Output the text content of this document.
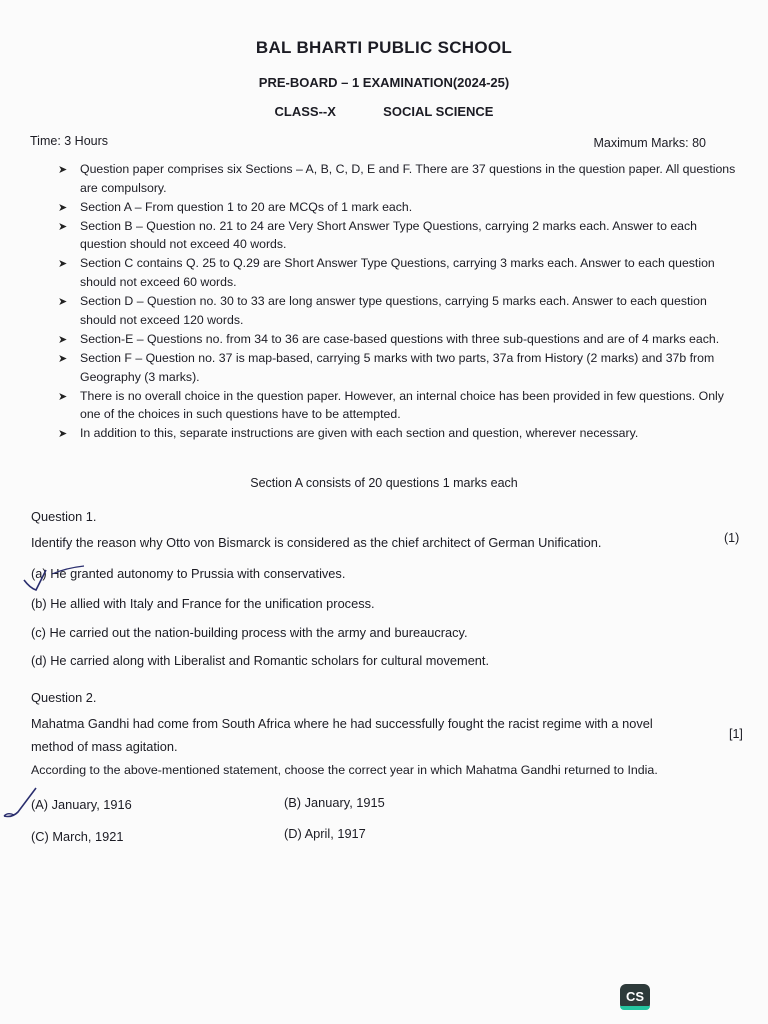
BAL BHARTI PUBLIC SCHOOL
PRE-BOARD – 1 EXAMINATION(2024-25)
CLASS--X	SOCIAL SCIENCE
Time: 3 Hours	Maximum Marks: 80
➤ Question paper comprises six Sections – A, B, C, D, E and F. There are 37 questions in the question paper. All questions are compulsory.
➤ Section A – From question 1 to 20 are MCQs of 1 mark each.
➤ Section B – Question no. 21 to 24 are Very Short Answer Type Questions, carrying 2 marks each. Answer to each question should not exceed 40 words.
➤ Section C contains Q. 25 to Q.29 are Short Answer Type Questions, carrying 3 marks each. Answer to each question should not exceed 60 words.
➤ Section D – Question no. 30 to 33 are long answer type questions, carrying 5 marks each. Answer to each question should not exceed 120 words.
➤ Section-E – Questions no. from 34 to 36 are case-based questions with three sub-questions and are of 4 marks each.
➤ Section F – Question no. 37 is map-based, carrying 5 marks with two parts, 37a from History (2 marks) and 37b from Geography (3 marks).
➤ There is no overall choice in the question paper. However, an internal choice has been provided in few questions. Only one of the choices in such questions have to be attempted.
➤ In addition to this, separate instructions are given with each section and question, wherever necessary.
Section A consists of 20 questions 1 marks each
Question 1.
Identify the reason why Otto von Bismarck is considered as the chief architect of German Unification.	(1)
(a) He granted autonomy to Prussia with conservatives.
(b) He allied with Italy and France for the unification process.
(c) He carried out the nation-building process with the army and bureaucracy.
(d) He carried along with Liberalist and Romantic scholars for cultural movement.
Question 2.
Mahatma Gandhi had come from South Africa where he had successfully fought the racist regime with a novel
method of mass agitation.
[1]
According to the above-mentioned statement, choose the correct year in which Mahatma Gandhi returned to India.
(A) January, 1916	(B) January, 1915
(C) March, 1921	(D) April, 1917
CS
